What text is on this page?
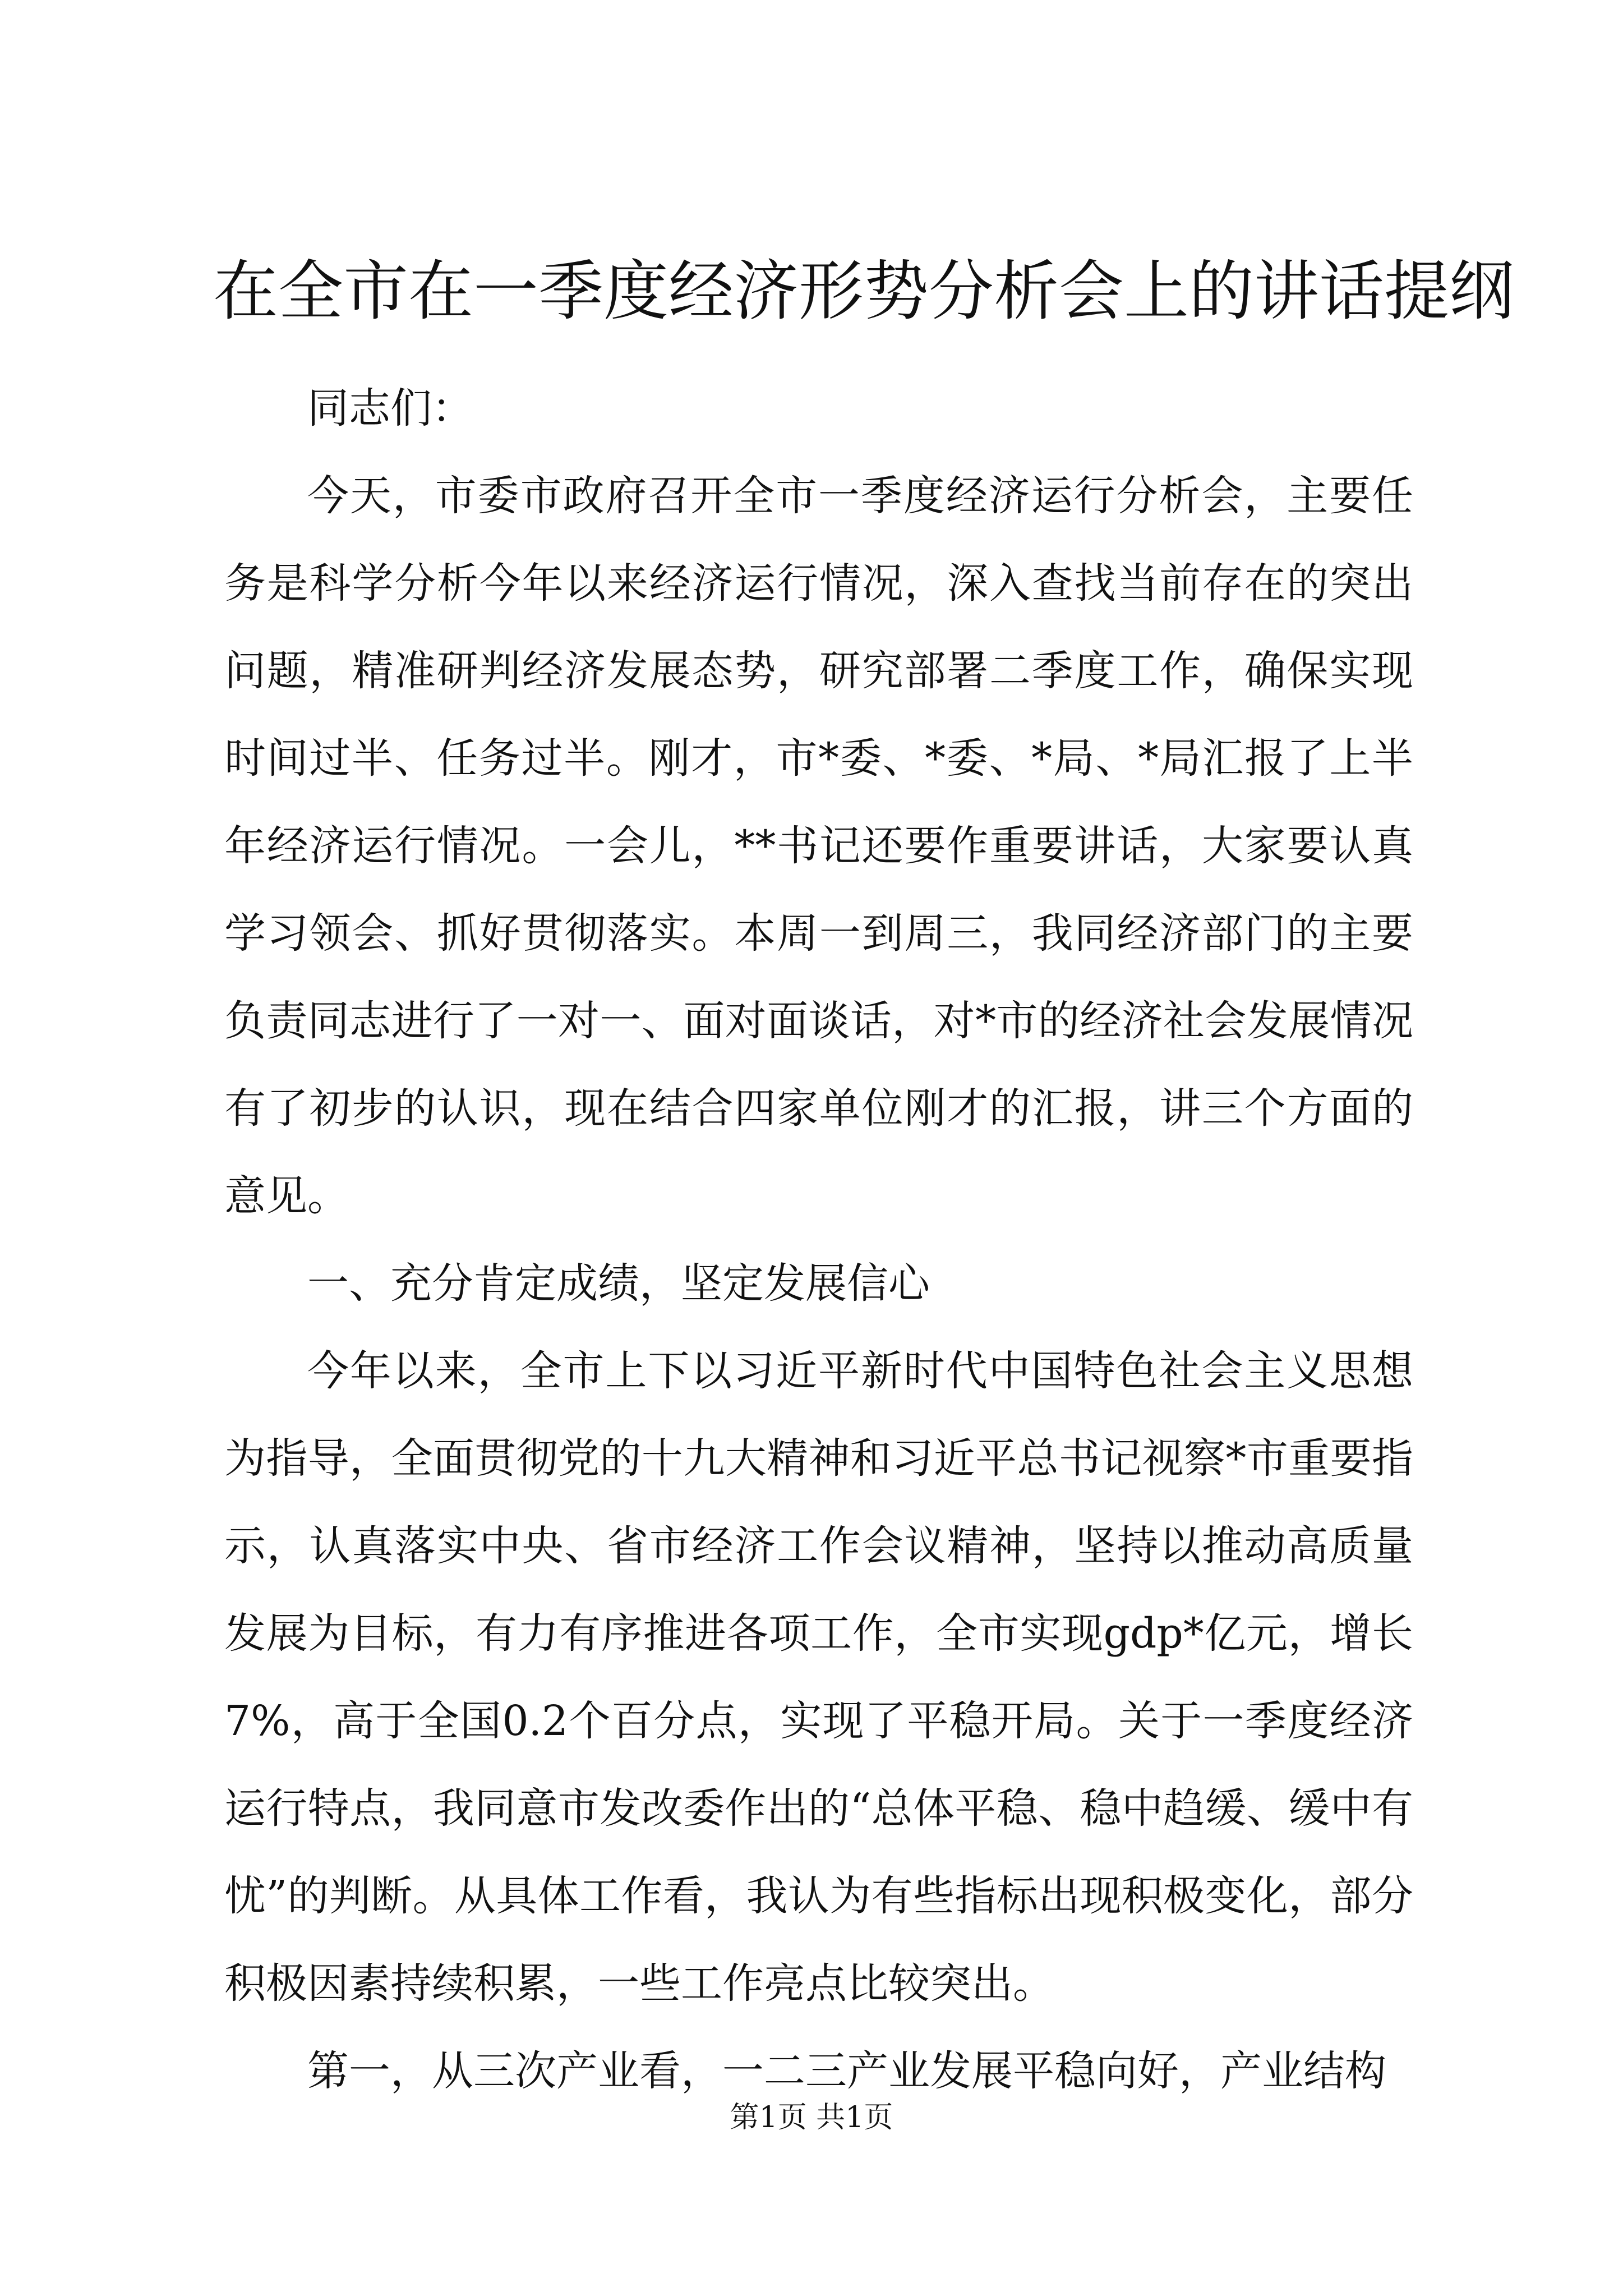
在全市在一季度经济形势分析会上的讲话提纲

同志们：

今天，市委市政府召开全市一季度经济运行分析会，主要任务是科学分析今年以来经济运行情况，深入查找当前存在的突出问题，精准研判经济发展态势，研究部署二季度工作，确保实现时间过半、任务过半。刚才，市*委、*委、*局、*局汇报了上半年经济运行情况。一会儿，**书记还要作重要讲话，大家要认真学习领会、抓好贯彻落实。本周一到周三，我同经济部门的主要负责同志进行了一对一、面对面谈话，对*市的经济社会发展情况有了初步的认识，现在结合四家单位刚才的汇报，讲三个方面的意见。

一、充分肯定成绩，坚定发展信心

今年以来，全市上下以习近平新时代中国特色社会主义思想为指导，全面贯彻党的十九大精神和习近平总书记视察*市重要指示，认真落实中央、省市经济工作会议精神，坚持以推动高质量发展为目标，有力有序推进各项工作，全市实现gdp*亿元，增长7%，高于全国0.2个百分点，实现了平稳开局。关于一季度经济运行特点，我同意市发改委作出的“总体平稳、稳中趋缓、缓中有忧”的判断。从具体工作看，我认为有些指标出现积极变化，部分积极因素持续积累，一些工作亮点比较突出。

第一，从三次产业看，一二三产业发展平稳向好，产业结构

第1页 共1页
